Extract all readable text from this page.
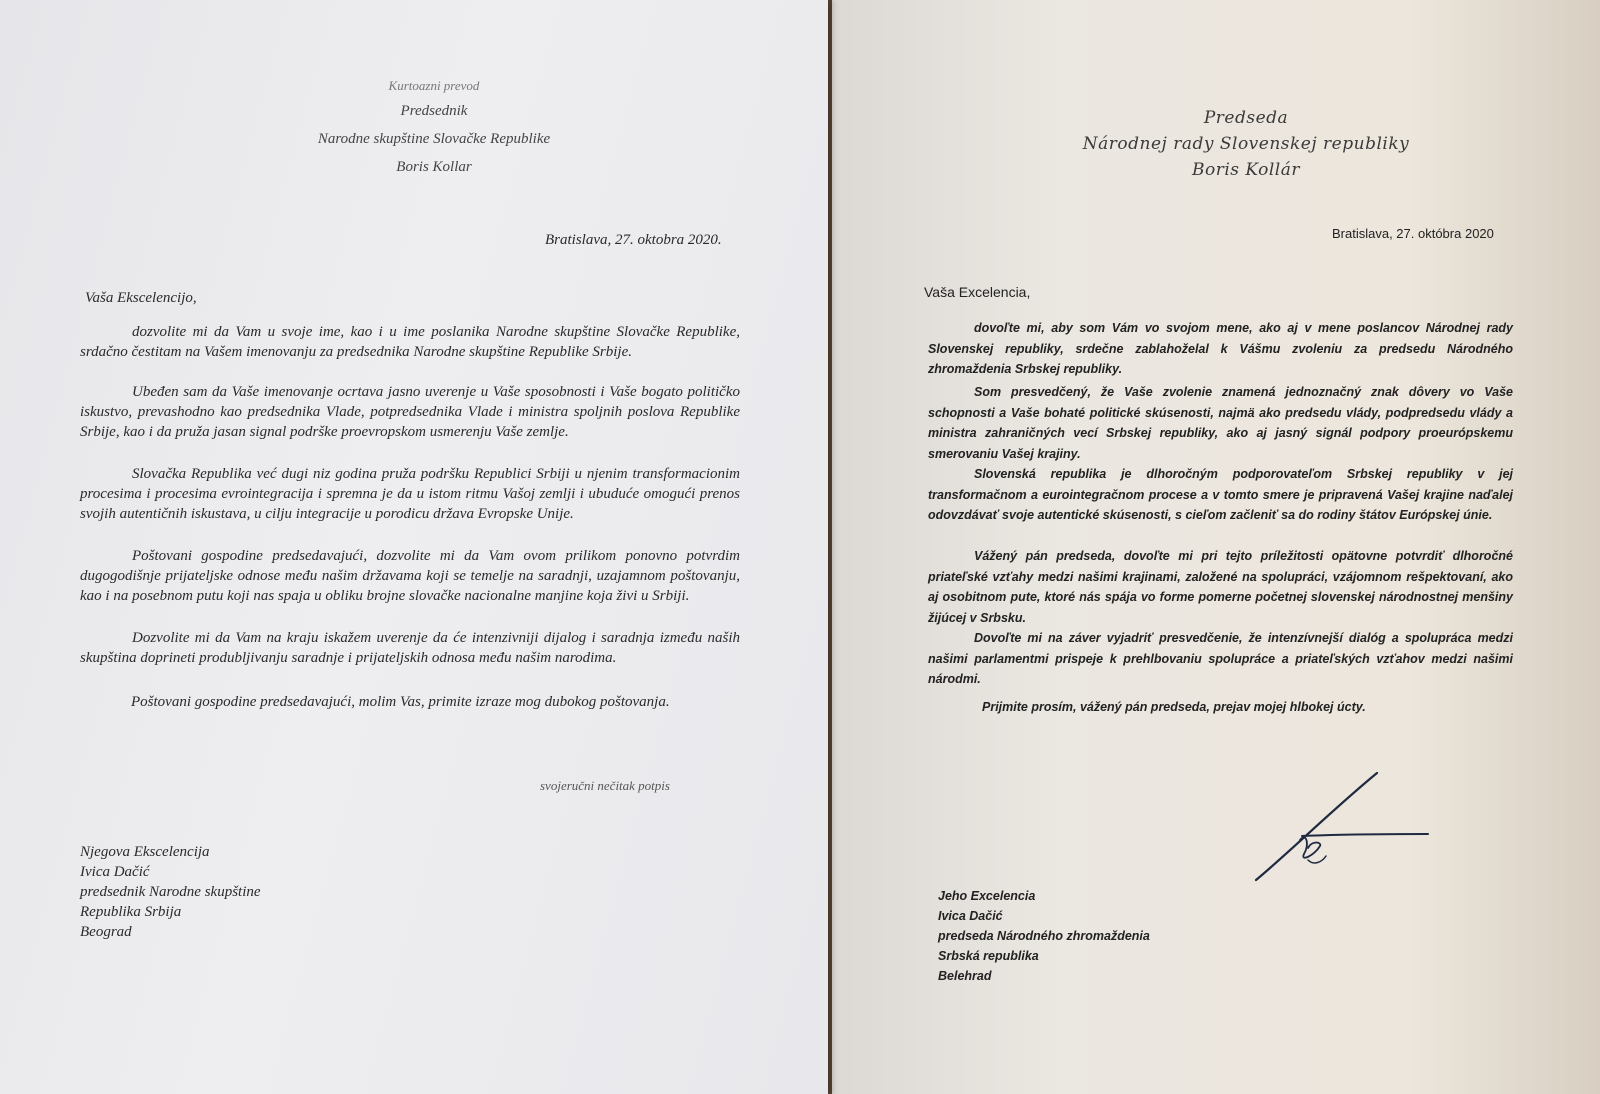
Kurtoazni prevod
Predsednik
Narodne skupštine Slovačke Republike
Boris Kollar
Bratislava, 27. oktobra 2020.
Vaša Ekscelencijo,
dozvolite mi da Vam u svoje ime, kao i u ime poslanika Narodne skupštine Slovačke Republike, srdačno čestitam na Vašem imenovanju za predsednika Narodne skupštine Republike Srbije.
Ubeđen sam da Vaše imenovanje ocrtava jasno uverenje u Vaše sposobnosti i Vaše bogato političko iskustvo, prevashodno kao predsednika Vlade, potpredsednika Vlade i ministra spoljnih poslova Republike Srbije, kao i da pruža jasan signal podrške proevropskom usmerenju Vaše zemlje.
Slovačka Republika već dugi niz godina pruža podršku Republici Srbiji u njenim transformacionim procesima i procesima evrointegracija i spremna je da u istom ritmu Vašoj zemlji i ubuduće omogući prenos svojih autentičnih iskustava, u cilju integracije u porodicu država Evropske Unije.
Poštovani gospodine predsedavajući, dozvolite mi da Vam ovom prilikom ponovno potvrdim dugogodišnje prijateljske odnose među našim državama koji se temelje na saradnji, uzajamnom poštovanju, kao i na posebnom putu koji nas spaja u obliku brojne slovačke nacionalne manjine koja živi u Srbiji.
Dozvolite mi da Vam na kraju iskažem uverenje da će intenzivniji dijalog i saradnja između naših skupština doprineti produbljivanju saradnje i prijateljskih odnosa među našim narodima.
Poštovani gospodine predsedavajući, molim Vas, primite izraze mog dubokog poštovanja.
svojeručni nečitak potpis
Njegova Ekscelencija
Ivica Dačić
predsednik Narodne skupštine
Republika Srbija
Beograd
Predseda
Národnej rady Slovenskej republiky
Boris Kollár
Bratislava, 27. októbra 2020
Vaša Excelencia,
dovoľte mi, aby som Vám vo svojom mene, ako aj v mene poslancov Národnej rady Slovenskej republiky, srdečne zablahoželal k Vášmu zvoleniu za predsedu Národného zhromaždenia Srbskej republiky.
Som presvedčený, že Vaše zvolenie znamená jednoznačný znak dôvery vo Vaše schopnosti a Vaše bohaté politické skúsenosti, najmä ako predsedu vlády, podpredsedu vlády a ministra zahraničných vecí Srbskej republiky, ako aj jasný signál podpory proeurópskemu smerovaniu Vašej krajiny.
Slovenská republika je dlhoročným podporovateľom Srbskej republiky v jej transformačnom a eurointegračnom procese a v tomto smere je pripravená Vašej krajine naďalej odovzdávať svoje autentické skúsenosti, s cieľom začleniť sa do rodiny štátov Európskej únie.
Vážený pán predseda, dovoľte mi pri tejto príležitosti opätovne potvrdiť dlhoročné priateľské vzťahy medzi našimi krajinami, založené na spolupráci, vzájomnom rešpektovaní, ako aj osobitnom pute, ktoré nás spája vo forme pomerne početnej slovenskej národnostnej menšiny žijúcej v Srbsku.
Dovoľte mi na záver vyjadriť presvedčenie, že intenzívnejší dialóg a spolupráca medzi našimi parlamentmi prispeje k prehlbovaniu spolupráce a priateľských vzťahov medzi našimi národmi.
Prijmite prosím, vážený pán predseda, prejav mojej hlbokej úcty.
Jeho Excelencia
Ivica Dačić
predseda Národného zhromaždenia
Srbská republika
Belehrad
